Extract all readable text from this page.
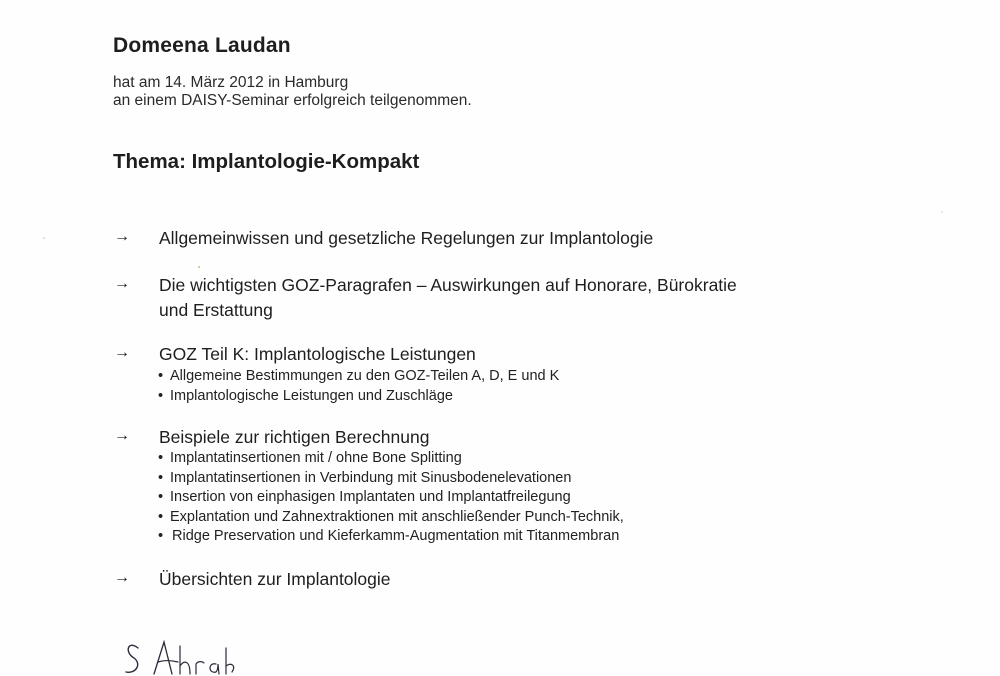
Domeena Laudan
hat am 14. März 2012 in Hamburg
an einem DAISY-Seminar erfolgreich teilgenommen.
Thema: Implantologie-Kompakt
→ Allgemeinwissen und gesetzliche Regelungen zur Implantologie
→ Die wichtigsten GOZ-Paragrafen – Auswirkungen auf Honorare, Bürokratie
und Erstattung
→ GOZ Teil K: Implantologische Leistungen
• Allgemeine Bestimmungen zu den GOZ-Teilen A, D, E und K
• Implantologische Leistungen und Zuschläge
→ Beispiele zur richtigen Berechnung
• Implantatinsertionen mit / ohne Bone Splitting
• Implantatinsertionen in Verbindung mit Sinusbodenelevationen
• Insertion von einphasigen Implantaten und Implantatfreilegung
• Explantation und Zahnextraktionen mit anschließender Punch-Technik,
• Ridge Preservation und Kieferkamm-Augmentation mit Titanmembran
→ Übersichten zur Implantologie
